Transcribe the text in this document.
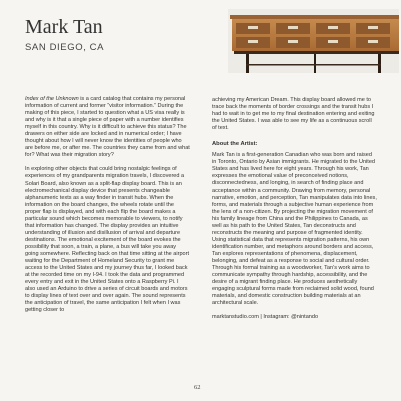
Mark Tan
SAN DIEGO, CA

Index of the Unknown is a card catalog that contains my personal information of current and former “visitor information.” During the making of this piece, I started to question what a US visa really is and why is it that a single piece of paper with a number identifies myself in this country. Why is it difficult to achieve this status? The drawers on either side are locked and in numerical order; I have thought about how I will never know the identities of people who are before me, or after me. The countries they came from and what for? What was their migration story?

In exploring other objects that could bring nostalgic feelings of experiences of my grandparents migration travels, I discovered a Solari Board, also known as a split-flap display board. This is an electromechanical display device that presents changeable alphanumeric texts as a way finder in transit hubs. When the information on the board changes, the wheels rotate until the proper flap is displayed, and with each flip the board makes a particular sound which becomes memorable to viewers, to notify that information has changed. The display provides an intuitive understanding of illusion and disillusion of arrival and departure destinations. The emotional excitement of the board evokes the possibility that soon, a train, a plane, a bus will take you away going somewhere. Reflecting back on that time sitting at the airport waiting for the Department of Homeland Security to grant me access to the United States and my journey thus far, I looked back at the recorded time on my I-94. I took the data and programmed every entry and exit in the United States onto a Raspberry Pi. I also used an Arduino to drive a series of circuit boards and motors to display lines of text over and over again. The sound represents the anticipation of travel, the same anticipation I felt when I was getting closer to

achieving my American Dream. This display board allowed me to trace back the moments of border crossings and the transit hubs I had to wait in to get me to my final destination entering and exiting the United States. I was able to see my life as a continuous scroll of text.

About the Artist:

Mark Tan is a first-generation Canadian who was born and raised in Toronto, Ontario by Asian immigrants. He migrated to the United States and has lived here for eight years. Through his work, Tan expresses the emotional value of preconceived notions, disconnectedness, and longing, in search of finding place and acceptance within a community. Drawing from memory, personal narrative, emotion, and perception, Tan manipulates data into lines, forms, and materials through a subjective human experience from the lens of a non-citizen. By projecting the migration movement of his family lineage from China and the Philippines to Canada, as well as his path to the United States, Tan deconstructs and reconstructs the meaning and purpose of fragmented identity. Using statistical data that represents migration patterns, his own identification number, and metaphors around borders and access, Tan explores representations of phenomena, displacement, belonging, and defeat as a response to social and cultural order. Through his formal training as a woodworker, Tan’s work aims to communicate sympathy through hardship, accessibility, and the desire of a migrant finding place. He produces aesthetically engaging sculptural forms made from reclaimed solid wood, found materials, and domestic construction building materials at an architectural scale.

marktanstudio.com | Instagram: @nintando

62
